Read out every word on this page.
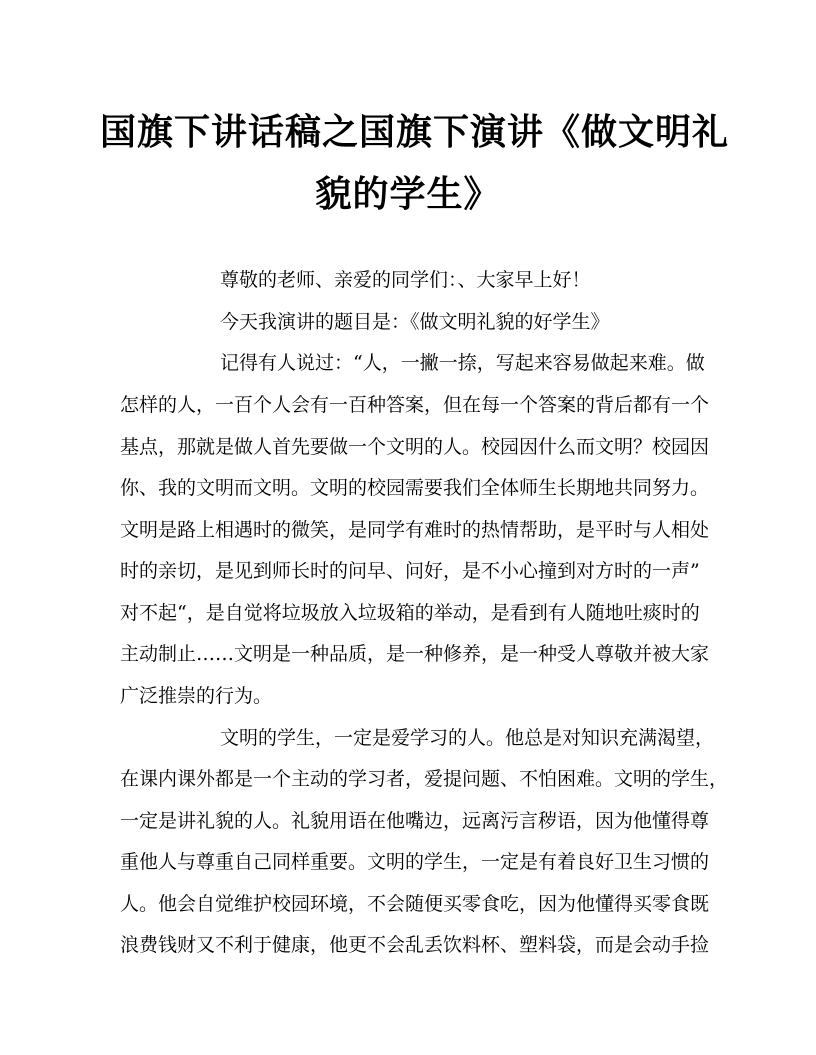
国旗下讲话稿之国旗下演讲《做文明礼
貌的学生》
尊敬的老师、亲爱的同学们：、大家早上好！
今天我演讲的题目是：《做文明礼貌的好学生》
记得有人说过：“人，一撇一捺，写起来容易做起来难。做
怎样的人，一百个人会有一百种答案，但在每一个答案的背后都有一个
基点，那就是做人首先要做一个文明的人。校园因什么而文明？校园因
你、我的文明而文明。文明的校园需要我们全体师生长期地共同努力。
文明是路上相遇时的微笑，是同学有难时的热情帮助，是平时与人相处
时的亲切，是见到师长时的问早、问好，是不小心撞到对方时的一声”
对不起“，是自觉将垃圾放入垃圾箱的举动，是看到有人随地吐痰时的
主动制止……文明是一种品质，是一种修养，是一种受人尊敬并被大家
广泛推崇的行为。
文明的学生，一定是爱学习的人。他总是对知识充满渴望，
在课内课外都是一个主动的学习者，爱提问题、不怕困难。文明的学生，
一定是讲礼貌的人。礼貌用语在他嘴边，远离污言秽语，因为他懂得尊
重他人与尊重自己同样重要。文明的学生，一定是有着良好卫生习惯的
人。他会自觉维护校园环境，不会随便买零食吃，因为他懂得买零食既
浪费钱财又不利于健康，他更不会乱丢饮料杯、塑料袋，而是会动手捡
